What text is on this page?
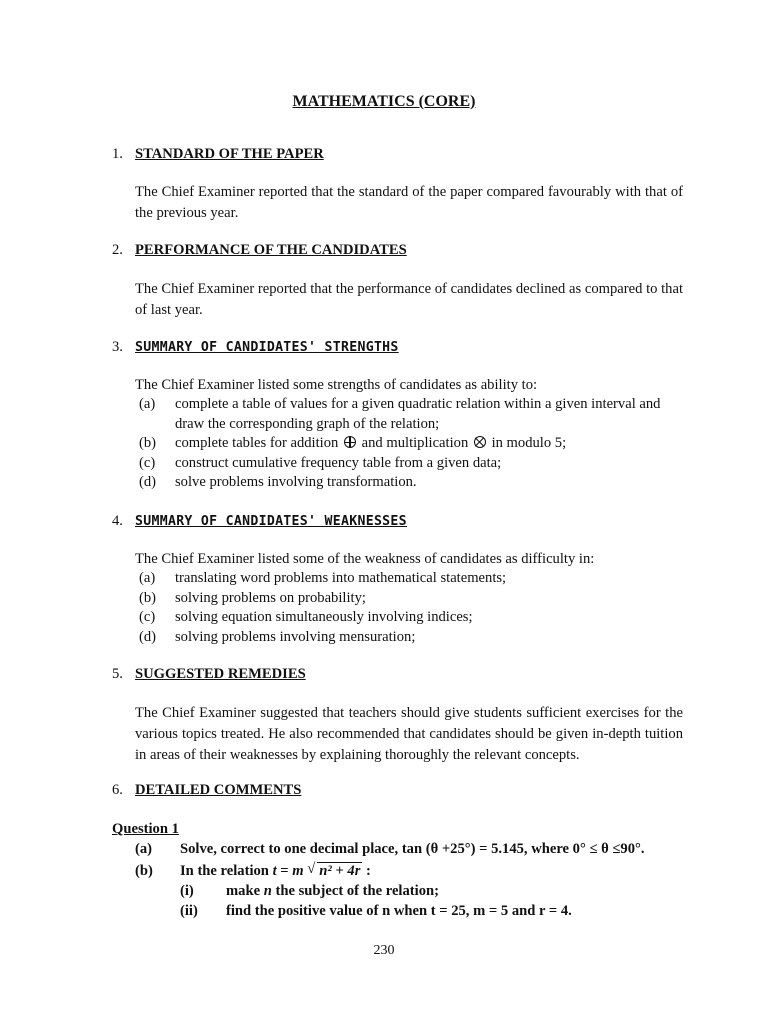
MATHEMATICS (CORE)
1. STANDARD OF THE PAPER

The Chief Examiner reported that the standard of the paper compared favourably with that of the previous year.

2. PERFORMANCE OF THE CANDIDATES

The Chief Examiner reported that the performance of candidates declined as compared to that of last year.

3. SUMMARY OF CANDIDATES' STRENGTHS

The Chief Examiner listed some strengths of candidates as ability to:

(a)	complete a table of values for a given quadratic relation within a given interval and draw the corresponding graph of the relation;
(b)	complete tables for addition and multiplication in modulo 5;
(c)	construct cumulative frequency table from a given data;
(d)	solve problems involving transformation.
4. SUMMARY OF CANDIDATES' WEAKNESSES

The Chief Examiner listed some of the weakness of candidates as difficulty in:

(a)	translating word problems into mathematical statements;
(b)	solving problems on probability;
(c)	solving equation simultaneously involving indices;
(d)	solving problems involving mensuration;
5. SUGGESTED REMEDIES

The Chief Examiner suggested that teachers should give students sufficient exercises for the various topics treated. He also recommended that candidates should be given in-depth tuition in areas of their weaknesses by explaining thoroughly the relevant concepts.

6. DETAILED COMMENTS
Question 1
(a) Solve, correct to one decimal place, tan (θ +25°) = 5.145, where 0° ≤ θ ≤90°.
(b) In the relation t = m √ n² + 4r :
(i) make n the subject of the relation;
(ii) find the positive value of n when t = 25, m = 5 and r = 4.
230
